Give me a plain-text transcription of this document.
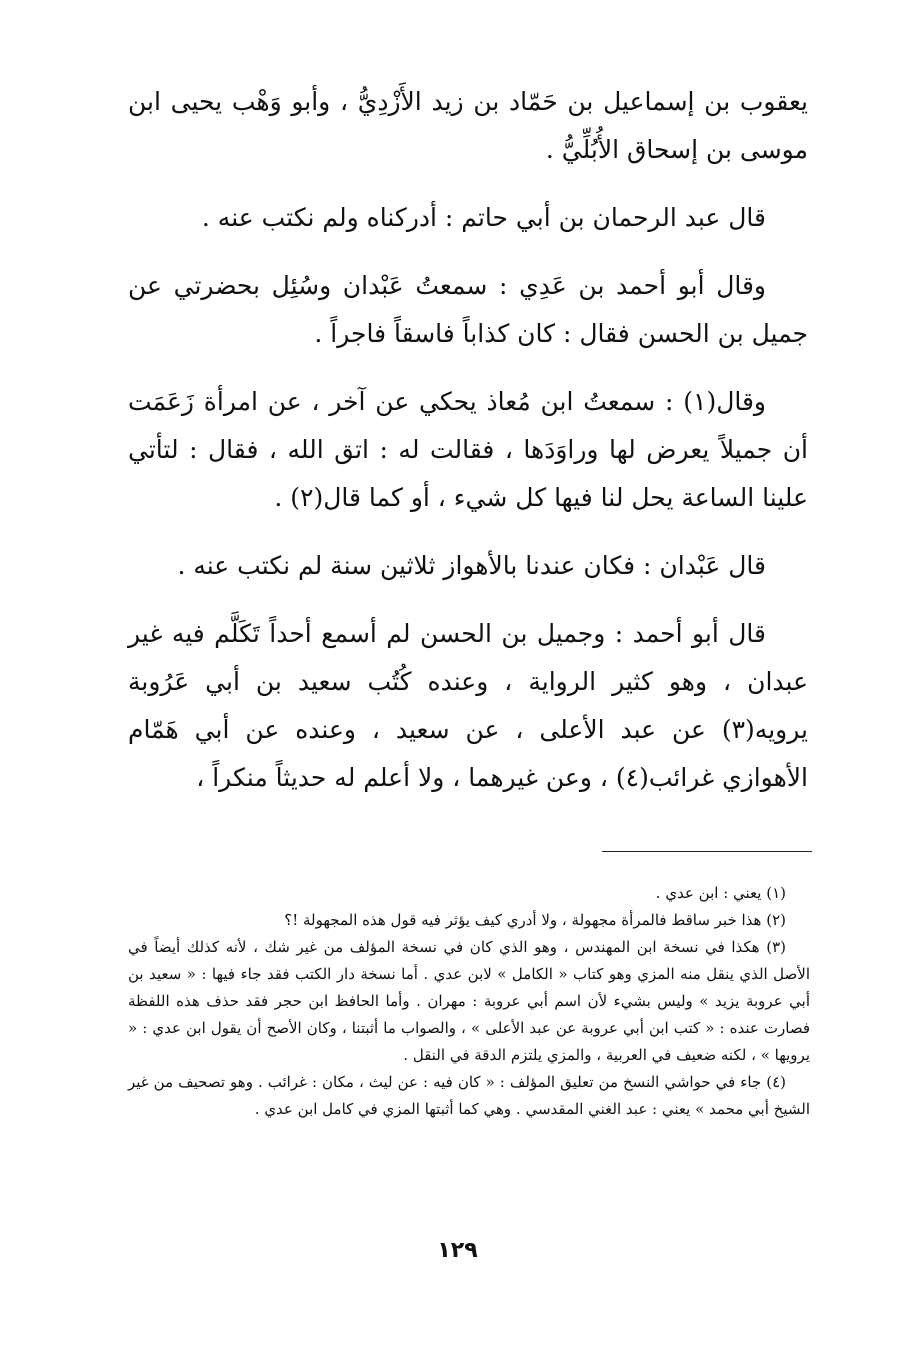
يعقوب بن إسماعيل بن حَمّاد بن زيد الأَزْدِيُّ ، وأبو وَهْب يحيى ابن موسى بن إسحاق الأُبُلِّيُّ .

قال عبد الرحمان بن أبي حاتم : أدركناه ولم نكتب عنه .

وقال أبو أحمد بن عَدِي : سمعتُ عَبْدان وسُئِل بحضرتي عن جميل بن الحسن فقال : كان كذاباً فاسقاً فاجراً .

وقال(١) : سمعتُ ابن مُعاذ يحكي عن آخر ، عن امرأة زَعَمَت أن جميلاً يعرض لها وراوَدَها ، فقالت له : اتق الله ، فقال : لتأتي علينا الساعة يحل لنا فيها كل شيء ، أو كما قال(٢) .

قال عَبْدان : فكان عندنا بالأهواز ثلاثين سنة لم نكتب عنه .

قال أبو أحمد : وجميل بن الحسن لم أسمع أحداً تَكَلَّم فيه غير عبدان ، وهو كثير الرواية ، وعنده كُتُب سعيد بن أبي عَرُوبة يرويه(٣) عن عبد الأعلى ، عن سعيد ، وعنده عن أبي هَمّام الأهوازي غرائب(٤) ، وعن غيرهما ، ولا أعلم له حديثاً منكراً ،

(١) يعني : ابن عدي .

(٢) هذا خبر ساقط فالمرأة مجهولة ، ولا أدري كيف يؤثر فيه قول هذه المجهولة !؟

(٣) هكذا في نسخة ابن المهندس ، وهو الذي كان في نسخة المؤلف من غير شك ، لأنه كذلك أيضاً في الأصل الذي ينقل منه المزي وهو كتاب « الكامل » لابن عدي . أما نسخة دار الكتب فقد جاء فيها : « سعيد بن أبي عروبة يزيد » وليس بشيء لأن اسم أبي عروبة : مهران . وأما الحافظ ابن حجر فقد حذف هذه اللفظة فصارت عنده : « كتب ابن أبي عروبة عن عبد الأعلى » ، والصواب ما أثبتنا ، وكان الأصح أن يقول ابن عدي : « يرويها » ، لكنه ضعيف في العربية ، والمزي يلتزم الدقة في النقل .

(٤) جاء في حواشي النسخ من تعليق المؤلف : « كان فيه : عن ليث ، مكان : غرائب . وهو تصحيف من غير الشيخ أبي محمد » يعني : عبد الغني المقدسي . وهي كما أثبتها المزي في كامل ابن عدي .

١٢٩
